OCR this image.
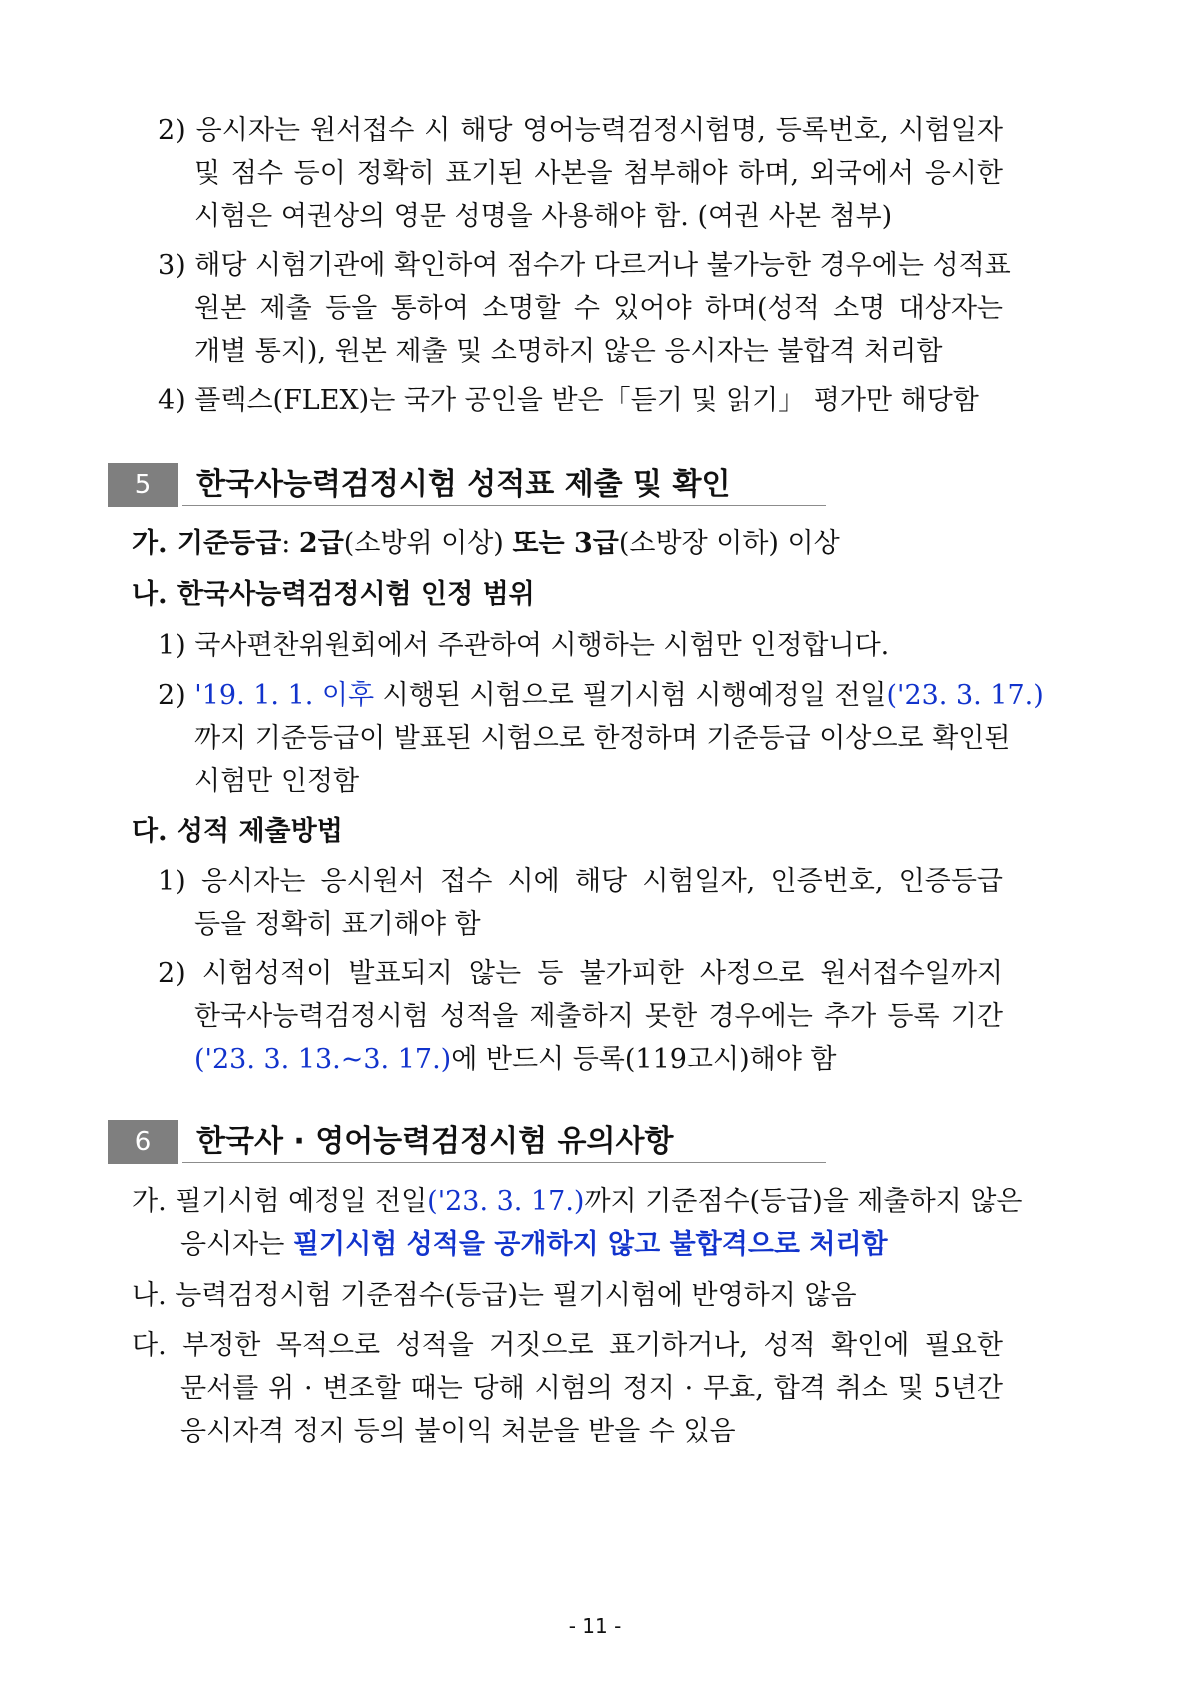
2) 응시자는 원서접수 시 해당 영어능력검정시험명, 등록번호, 시험일자
및 점수 등이 정확히 표기된 사본을 첨부해야 하며, 외국에서 응시한
시험은 여권상의 영문 성명을 사용해야 함. (여권 사본 첨부)
3) 해당 시험기관에 확인하여 점수가 다르거나 불가능한 경우에는 성적표
원본 제출 등을 통하여 소명할 수 있어야 하며(성적 소명 대상자는
개별 통지), 원본 제출 및 소명하지 않은 응시자는 불합격 처리함
4) 플렉스(FLEX)는 국가 공인을 받은「듣기 및 읽기」 평가만 해당함
5	한국사능력검정시험 성적표 제출 및 확인
가. 기준등급: 2급(소방위 이상) 또는 3급(소방장 이하) 이상
나. 한국사능력검정시험 인정 범위
1) 국사편찬위원회에서 주관하여 시행하는 시험만 인정합니다.
2) '19. 1. 1. 이후 시행된 시험으로 필기시험 시행예정일 전일('23. 3. 17.)
까지 기준등급이 발표된 시험으로 한정하며 기준등급 이상으로 확인된
시험만 인정함
다. 성적 제출방법
1) 응시자는 응시원서 접수 시에 해당 시험일자, 인증번호, 인증등급
등을 정확히 표기해야 함
2) 시험성적이 발표되지 않는 등 불가피한 사정으로 원서접수일까지
한국사능력검정시험 성적을 제출하지 못한 경우에는 추가 등록 기간
('23. 3. 13.~3. 17.)에 반드시 등록(119고시)해야 함
6	한국사 · 영어능력검정시험 유의사항
가. 필기시험 예정일 전일('23. 3. 17.)까지 기준점수(등급)을 제출하지 않은
응시자는 필기시험 성적을 공개하지 않고 불합격으로 처리함
나. 능력검정시험 기준점수(등급)는 필기시험에 반영하지 않음
다. 부정한 목적으로 성적을 거짓으로 표기하거나, 성적 확인에 필요한
문서를 위 · 변조할 때는 당해 시험의 정지 · 무효, 합격 취소 및 5년간
응시자격 정지 등의 불이익 처분을 받을 수 있음
- 11 -
